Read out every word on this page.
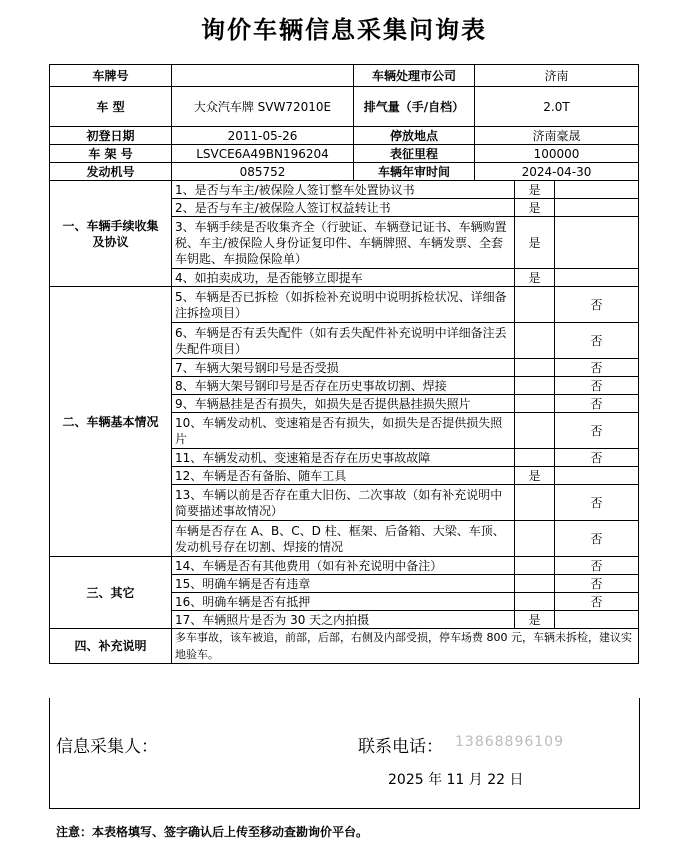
询价车辆信息采集问询表
车牌号		车辆处理市公司	济南		
车 型	大众汽车牌 SVW72010E	排气量（手/自档）	2.0T		
初登日期	2011-05-26	停放地点	济南豪晟		
车 架 号	LSVCE6A49BN196204	表征里程	100000		
发动机号	085752	车辆年审时间	2024-04-30		
一、车辆手续收集及协议	1、是否与车主/被保险人签订整车处置协议书			是	
	2、是否与车主/被保险人签订权益转让书			是	
	3、车辆手续是否收集齐全（行驶证、车辆登记证书、车辆购置税、车主/被保险人身份证复印件、车辆牌照、车辆发票、全套车钥匙、车损险保险单）			是	
	4、如拍卖成功，是否能够立即提车			是	
二、车辆基本情况	5、车辆是否已拆检（如拆检补充说明中说明拆检状况、详细备注拆捡项目）				否
	6、车辆是否有丢失配件（如有丢失配件补充说明中详细备注丢失配件项目）				否
	7、车辆大架号钢印号是否受损				否
	8、车辆大架号钢印号是否存在历史事故切割、焊接				否
	9、车辆悬挂是否有损失，如损失是否提供悬挂损失照片				否
	10、车辆发动机、变速箱是否有损失，如损失是否提供损失照片				否
	11、车辆发动机、变速箱是否存在历史事故故障				否
	12、车辆是否有备胎、随车工具			是	
	13、车辆以前是否存在重大旧伤、二次事故（如有补充说明中简要描述事故情况）				否
	车辆是否存在 A、B、C、D 柱、框架、后备箱、大梁、车顶、发动机号存在切割、焊接的情况				否
三、其它	14、车辆是否有其他费用（如有补充说明中备注）				否
	15、明确车辆是否有违章				否
	16、明确车辆是否有抵押				否
	17、车辆照片是否为 30 天之内拍摄			是	
四、补充说明	多车事故，该车被追，前部，后部，右侧及内部受损，停车场费 800 元，车辆未拆检，建议实地验车。				
信息采集人：	联系电话： 13868896109
2025 年 11 月 22 日
注意：本表格填写、签字确认后上传至移动查勘询价平台。
